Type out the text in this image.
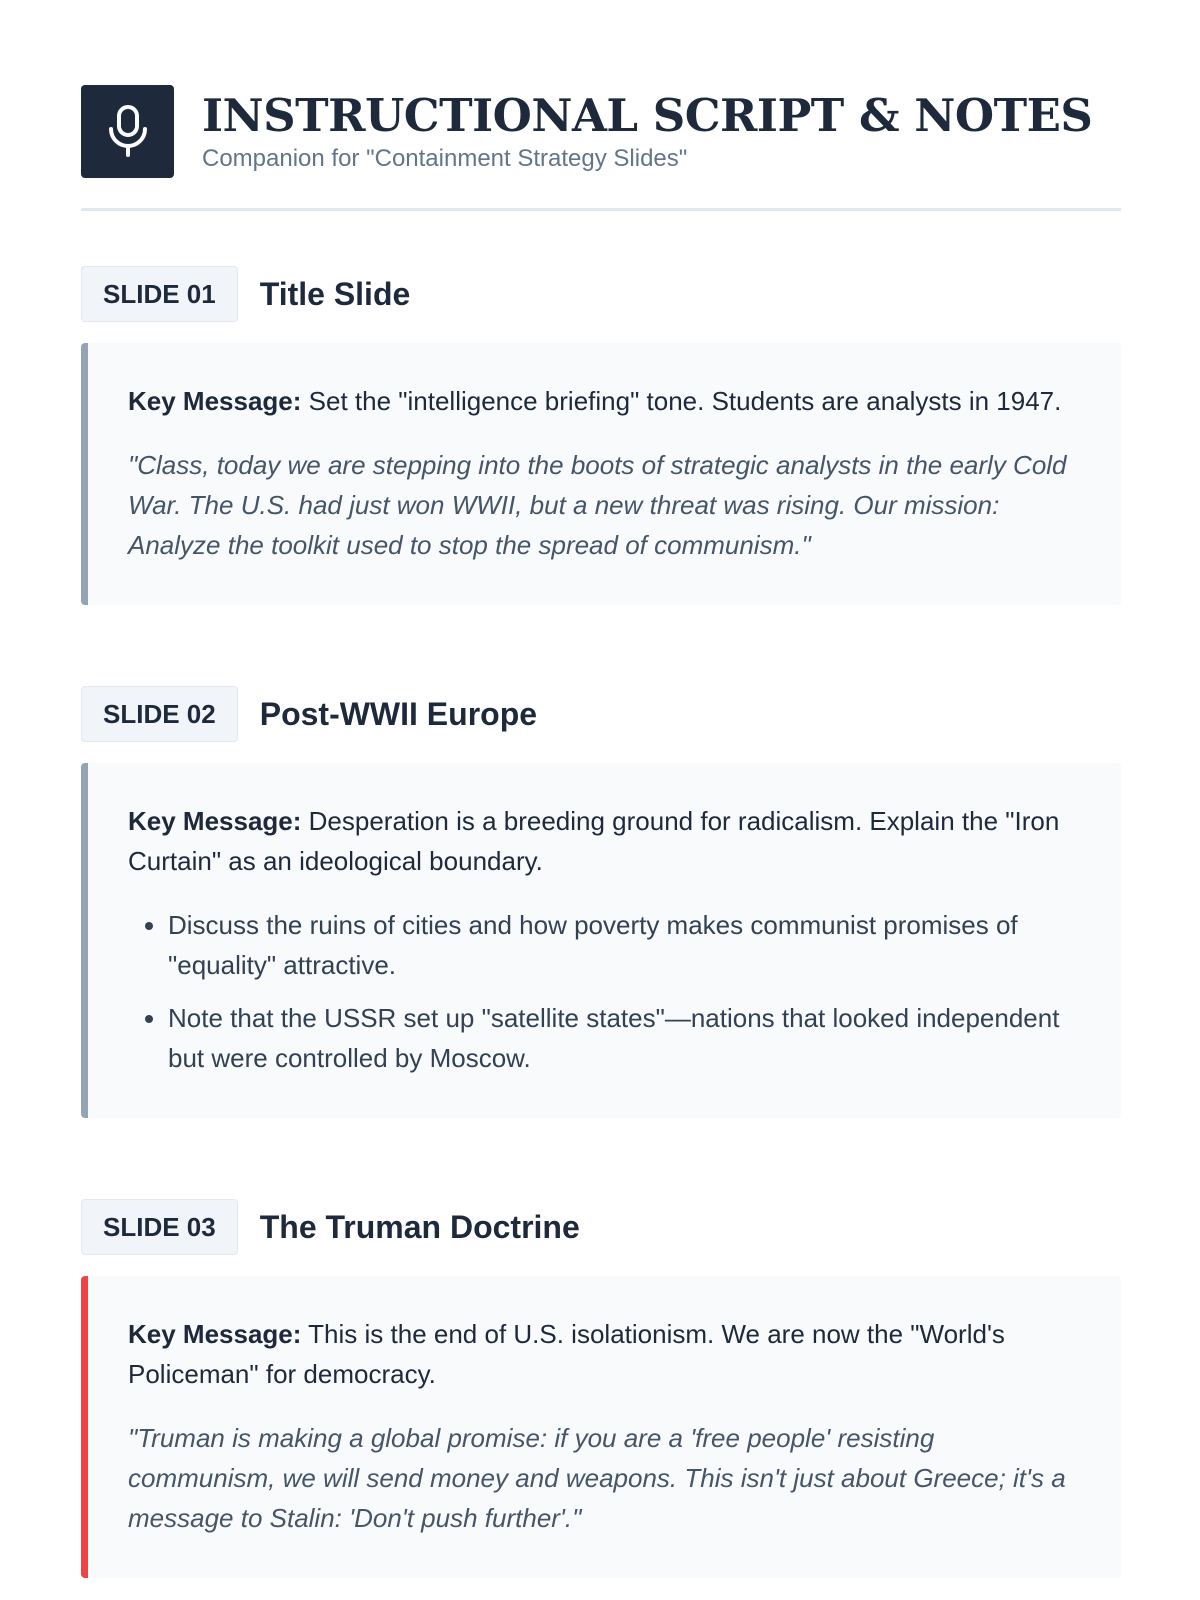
INSTRUCTIONAL SCRIPT & NOTES
Companion for "Containment Strategy Slides"
SLIDE 01	Title Slide

Key Message: Set the "intelligence briefing" tone. Students are analysts in 1947.

"Class, today we are stepping into the boots of strategic analysts in the early Cold War. The U.S. had just won WWII, but a new threat was rising. Our mission: Analyze the toolkit used to stop the spread of communism."

SLIDE 02	Post-WWII Europe

Key Message: Desperation is a breeding ground for radicalism. Explain the "Iron Curtain" as an ideological boundary.

• Discuss the ruins of cities and how poverty makes communist promises of "equality" attractive.
• Note that the USSR set up "satellite states"—nations that looked independent but were controlled by Moscow.
SLIDE 03	The Truman Doctrine

Key Message: This is the end of U.S. isolationism. We are now the "World's Policeman" for democracy.

"Truman is making a global promise: if you are a 'free people' resisting communism, we will send money and weapons. This isn't just about Greece; it's a message to Stalin: 'Don't push further'."
